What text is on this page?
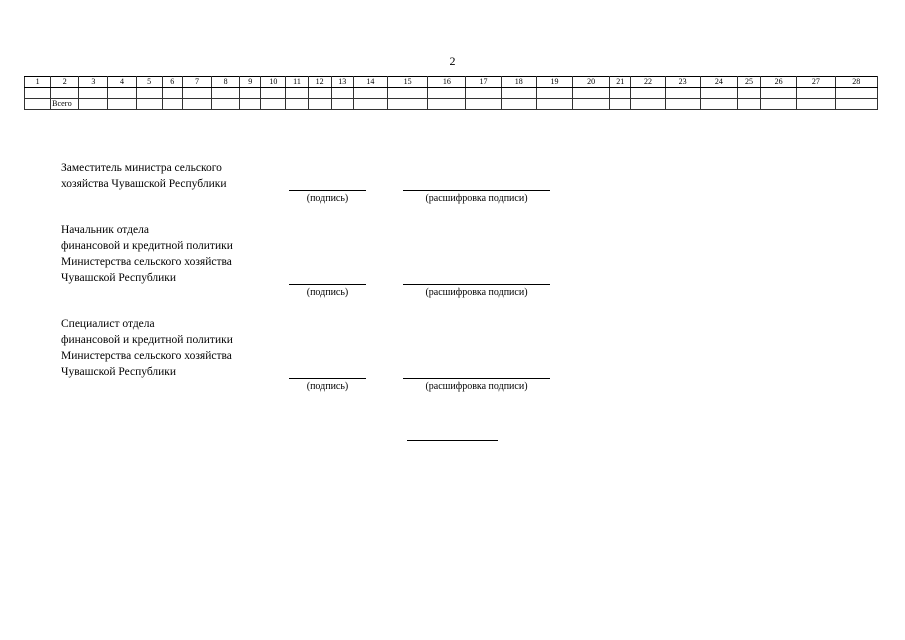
2
1	2	3	4	5	6	7	8	9	10	11	12	13	14	15	16	17	18	19	20	21	22	23	24	25	26	27	28

	Всего																										
Заместитель министра сельского
хозяйства Чувашской Республики
(подпись)	(расшифровка подписи)
Начальник отдела
финансовой и кредитной политики
Министерства сельского хозяйства
Чувашской Республики
(подпись)	(расшифровка подписи)
Специалист отдела
финансовой и кредитной политики
Министерства сельского хозяйства
Чувашской Республики
(подпись)	(расшифровка подписи)
